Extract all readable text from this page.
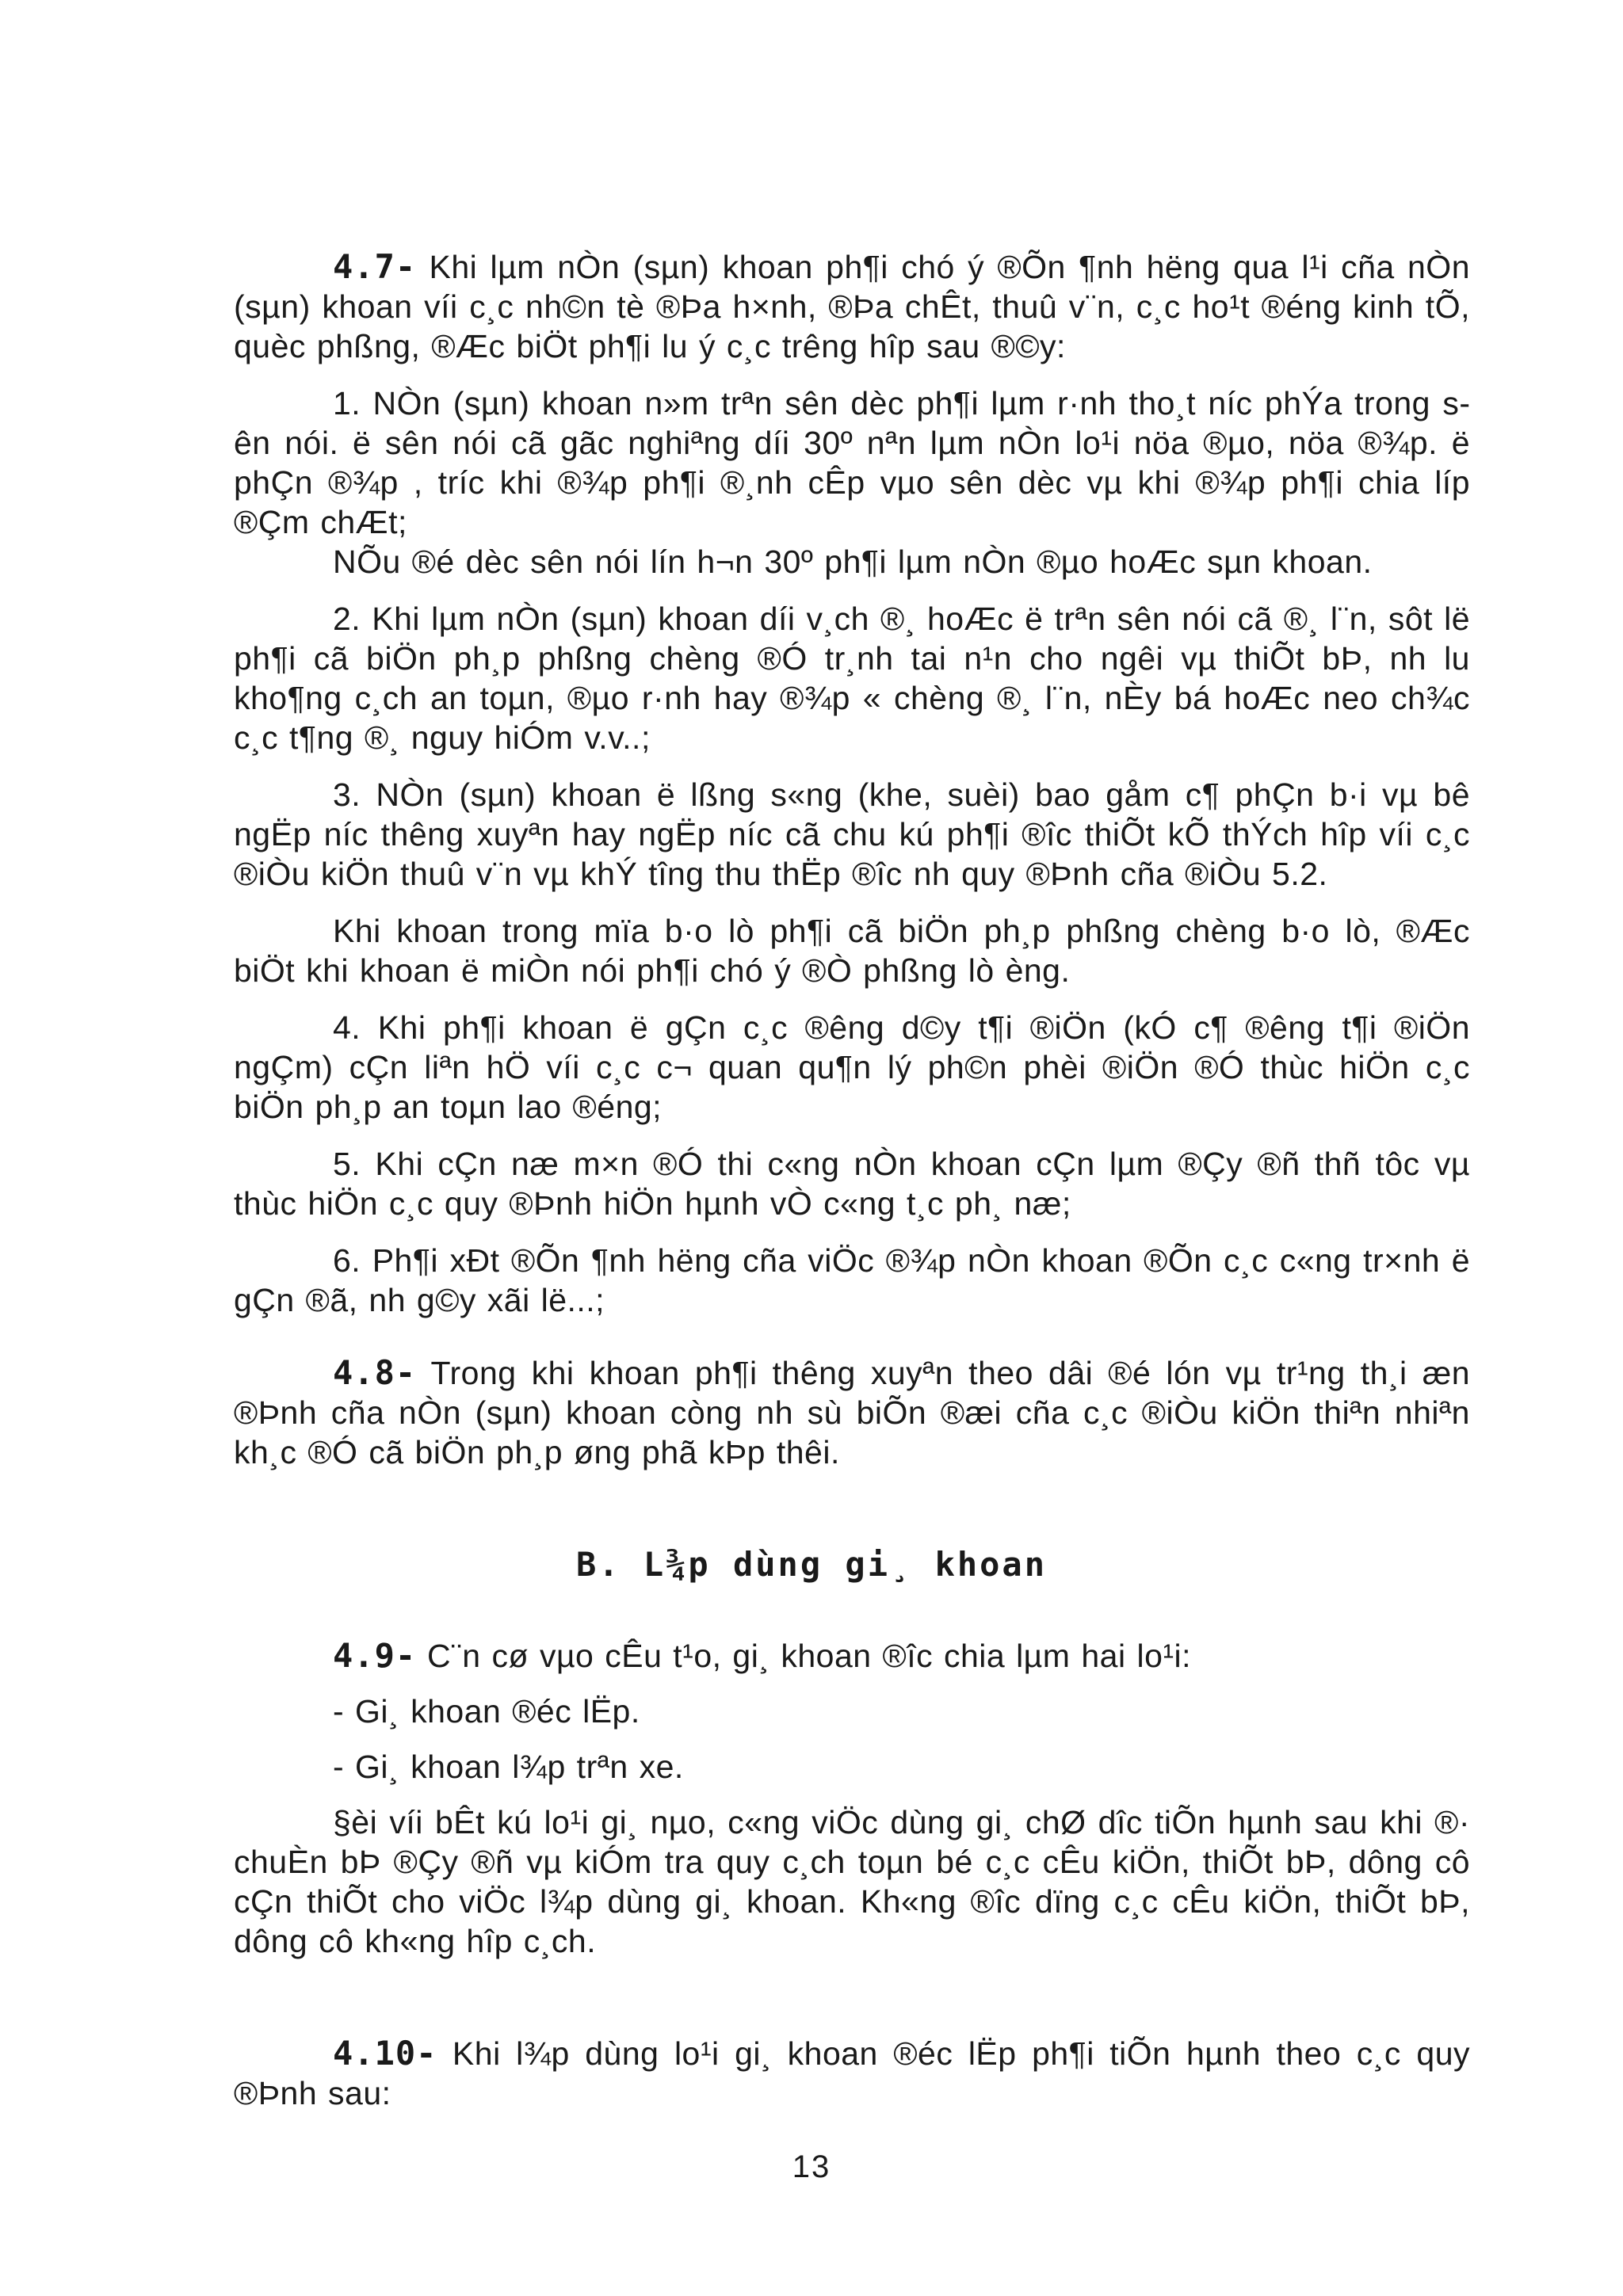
4.7- Khi lµm nÒn (sµn) khoan ph¶i chó ý ®Õn ¶nh hëng qua l¹i cña nÒn (sµn) khoan víi c¸c nh©n tè ®Þa h×nh, ®Þa chÊt, thuû v¨n, c¸c ho¹t ®éng kinh tÕ, quèc phßng, ®Æc biÖt ph¶i lu ý c¸c trêng hîp sau ®©y:

1. NÒn (sµn) khoan n»m trªn sên dèc ph¶i lµm r·nh tho¸t níc phÝa trong sên nói. ë sên nói cã gãc nghiªng díi 30º nªn lµm nÒn lo¹i nöa ®µo, nöa ®¾p. ë phÇn ®¾p , tríc khi ®¾p ph¶i ®¸nh cÊp vµo sên dèc vµ khi ®¾p ph¶i chia líp ®Çm chÆt;

NÕu ®é dèc sên nói lín h¬n 30º ph¶i lµm nÒn ®µo hoÆc sµn khoan.

2. Khi lµm nÒn (sµn) khoan díi v¸ch ®¸ hoÆc ë trªn sên nói cã ®¸ l¨n, sôt lë ph¶i cã biÖn ph¸p phßng chèng ®Ó tr¸nh tai n¹n cho ngêi vµ thiÕt bÞ, nh lu kho¶ng c¸ch an toµn, ®µo r·nh hay ®¾p « chèng ®¸ l¨n, nÈy bá hoÆc neo ch¾c c¸c t¶ng ®¸ nguy hiÓm v.v..;

3. NÒn (sµn) khoan ë lßng s«ng (khe, suèi) bao gåm c¶ phÇn b·i vµ bê ngËp níc thêng xuyªn hay ngËp níc cã chu kú ph¶i ®îc thiÕt kÕ thÝch hîp víi c¸c ®iÒu kiÖn thuû v¨n vµ khÝ tîng thu thËp ®îc nh quy ®Þnh cña ®iÒu 5.2.

Khi khoan trong mïa b·o lò ph¶i cã biÖn ph¸p phßng chèng b·o lò, ®Æc biÖt khi khoan ë miÒn nói ph¶i chó ý ®Ò phßng lò èng.

4. Khi ph¶i khoan ë gÇn c¸c ®êng d©y t¶i ®iÖn (kÓ c¶ ®êng t¶i ®iÖn ngÇm) cÇn liªn hÖ víi c¸c c¬ quan qu¶n lý ph©n phèi ®iÖn ®Ó thùc hiÖn c¸c biÖn ph¸p an toµn lao ®éng;

5. Khi cÇn næ m×n ®Ó thi c«ng nÒn khoan cÇn lµm ®Çy ®ñ thñ tôc vµ thùc hiÖn c¸c quy ®Þnh hiÖn hµnh vÒ c«ng t¸c ph¸ næ;

6. Ph¶i xÐt ®Õn ¶nh hëng cña viÖc ®¾p nÒn khoan ®Õn c¸c c«ng tr×nh ë gÇn ®ã, nh g©y xãi lë...;

4.8- Trong khi khoan ph¶i thêng xuyªn theo dâi ®é lón vµ tr¹ng th¸i æn ®Þnh cña nÒn (sµn) khoan còng nh sù biÕn ®æi cña c¸c ®iÒu kiÖn thiªn nhiªn kh¸c ®Ó cã biÖn ph¸p øng phã kÞp thêi.

B. L¾p dùng gi¸ khoan

4.9- C¨n cø vµo cÊu t¹o, gi¸ khoan ®îc chia lµm hai lo¹i:

- Gi¸ khoan ®éc lËp.

- Gi¸ khoan l¾p trªn xe.

§èi víi bÊt kú lo¹i gi¸ nµo, c«ng viÖc dùng gi¸ chØ dîc tiÕn hµnh sau khi ®· chuÈn bÞ ®Çy ®ñ vµ kiÓm tra quy c¸ch toµn bé c¸c cÊu kiÖn, thiÕt bÞ, dông cô cÇn thiÕt cho viÖc l¾p dùng gi¸ khoan. Kh«ng ®îc dïng c¸c cÊu kiÖn, thiÕt bÞ, dông cô kh«ng hîp c¸ch.

4.10- Khi l¾p dùng lo¹i gi¸ khoan ®éc lËp ph¶i tiÕn hµnh theo c¸c quy ®Þnh sau:

13
